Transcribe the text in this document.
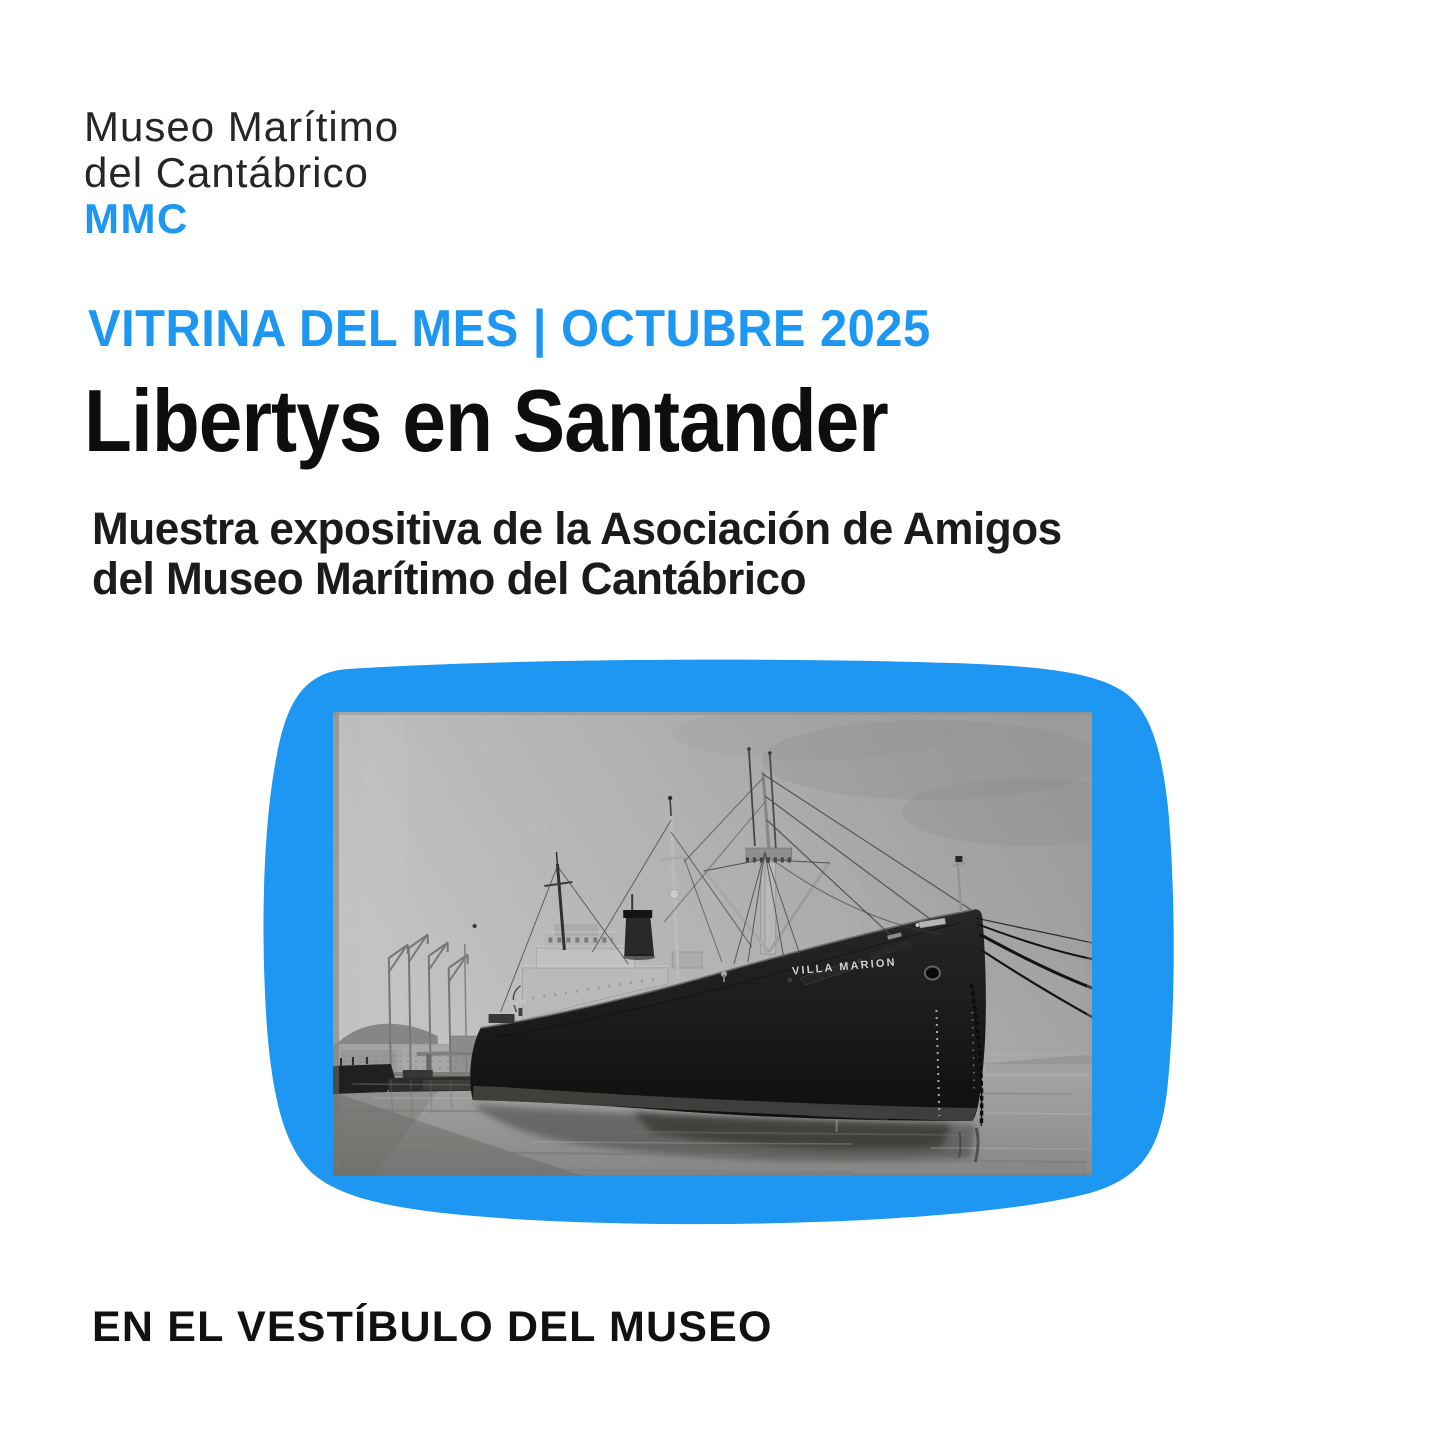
Museo Marítimo
del Cantábrico
MMC
VITRINA DEL MES | OCTUBRE 2025
Libertys en Santander
Muestra expositiva de la Asociación de Amigos
del Museo Marítimo del Cantábrico
VILLA MARION
EN EL VESTÍBULO DEL MUSEO
